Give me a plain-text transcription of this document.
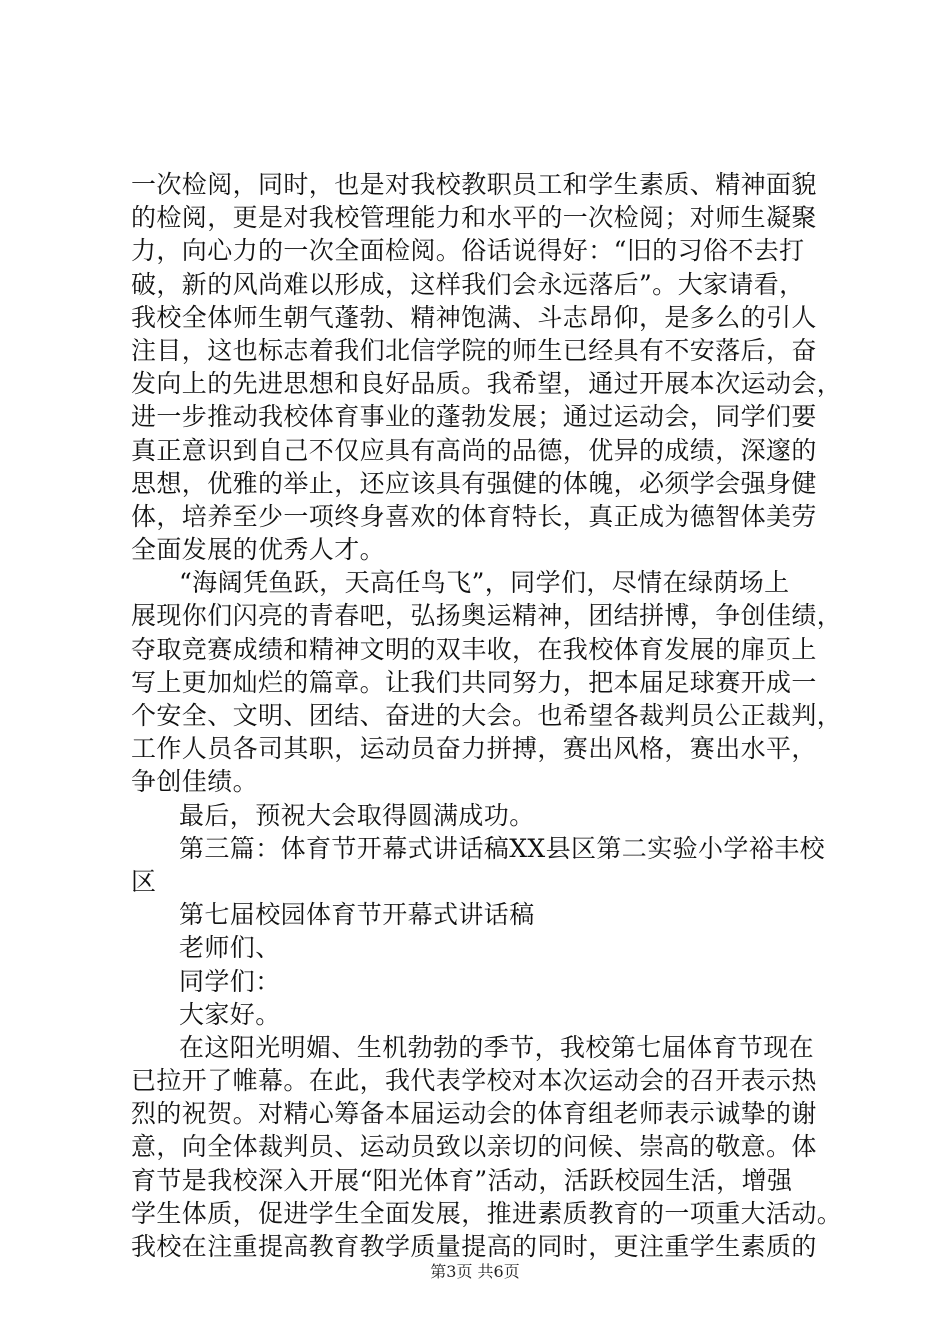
一次检阅，同时，也是对我校教职员工和学生素质、精神面貌
的检阅，更是对我校管理能力和水平的一次检阅；对师生凝聚
力，向心力的一次全面检阅。俗话说得好：“旧的习俗不去打
破，新的风尚难以形成，这样我们会永远落后”。大家请看，
我校全体师生朝气蓬勃、精神饱满、斗志昂仰，是多么的引人
注目，这也标志着我们北信学院的师生已经具有不安落后，奋
发向上的先进思想和良好品质。我希望，通过开展本次运动会，
进一步推动我校体育事业的蓬勃发展；通过运动会，同学们要
真正意识到自己不仅应具有高尚的品德，优异的成绩，深邃的
思想，优雅的举止，还应该具有强健的体魄，必须学会强身健
体，培养至少一项终身喜欢的体育特长，真正成为德智体美劳
全面发展的优秀人才。
“海阔凭鱼跃，天高任鸟飞”，同学们，尽情在绿荫场上
展现你们闪亮的青春吧，弘扬奥运精神，团结拼博，争创佳绩，
夺取竞赛成绩和精神文明的双丰收，在我校体育发展的扉页上
写上更加灿烂的篇章。让我们共同努力，把本届足球赛开成一
个安全、文明、团结、奋进的大会。也希望各裁判员公正裁判，
工作人员各司其职，运动员奋力拼搏，赛出风格，赛出水平，
争创佳绩。
最后，预祝大会取得圆满成功。
第三篇：体育节开幕式讲话稿XX县区第二实验小学裕丰校
区
第七届校园体育节开幕式讲话稿
老师们、
同学们：
大家好。
在这阳光明媚、生机勃勃的季节，我校第七届体育节现在
已拉开了帷幕。在此，我代表学校对本次运动会的召开表示热
烈的祝贺。对精心筹备本届运动会的体育组老师表示诚挚的谢
意，向全体裁判员、运动员致以亲切的问候、崇高的敬意。体
育节是我校深入开展“阳光体育”活动，活跃校园生活，增强
学生体质，促进学生全面发展，推进素质教育的一项重大活动。
我校在注重提高教育教学质量提高的同时，更注重学生素质的
第3页 共6页
